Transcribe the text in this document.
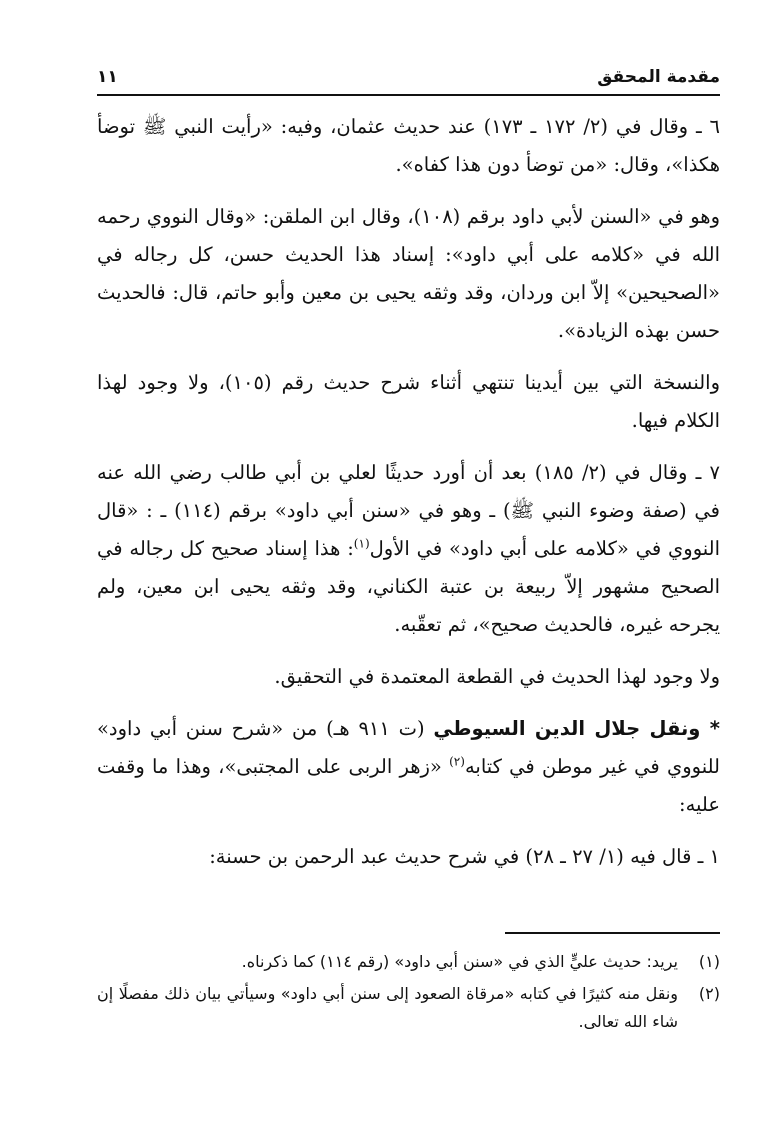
مقدمة المحقق
١١

٦ ـ وقال في (٢/ ١٧٢ ـ ١٧٣) عند حديث عثمان، وفيه: «رأيت النبي ﷺ توضأ هكذا»، وقال: «من توضأ دون هذا كفاه».

وهو في «السنن لأبي داود برقم (١٠٨)، وقال ابن الملقن: «وقال النووي رحمه الله في «كلامه على أبي داود»: إسناد هذا الحديث حسن، كل رجاله في «الصحيحين» إلاّ ابن وردان، وقد وثقه يحيى بن معين وأبو حاتم، قال: فالحديث حسن بهذه الزيادة».

والنسخة التي بين أيدينا تنتهي أثناء شرح حديث رقم (١٠٥)، ولا وجود لهذا الكلام فيها.

٧ ـ وقال في (٢/ ١٨٥) بعد أن أورد حديثًا لعلي بن أبي طالب رضي الله عنه في (صفة وضوء النبي ﷺ) ـ وهو في «سنن أبي داود» برقم (١١٤) ـ : «قال النووي في «كلامه على أبي داود» في الأول$^{(١)}$: هذا إسناد صحيح كل رجاله في الصحيح مشهور إلاّ ربيعة بن عتبة الكناني، وقد وثقه يحيى ابن معين، ولم يجرحه غيره، فالحديث صحيح»، ثم تعقّبه.

ولا وجود لهذا الحديث في القطعة المعتمدة في التحقيق.

* ونقل جلال الدين السيوطي (ت ٩١١ هـ) من «شرح سنن أبي داود» للنووي في غير موطن في كتابه$^{(٢)}$ «زهر الربى على المجتبى»، وهذا ما وقفت عليه:

١ ـ قال فيه (١/ ٢٧ ـ ٢٨) في شرح حديث عبد الرحمن بن حسنة:

(١)
يريد: حديث عليٍّ الذي في «سنن أبي داود» (رقم ١١٤) كما ذكرناه.
(٢)
ونقل منه كثيرًا في كتابه «مرقاة الصعود إلى سنن أبي داود» وسيأتي بيان ذلك مفصلًا إن شاء الله تعالى.
